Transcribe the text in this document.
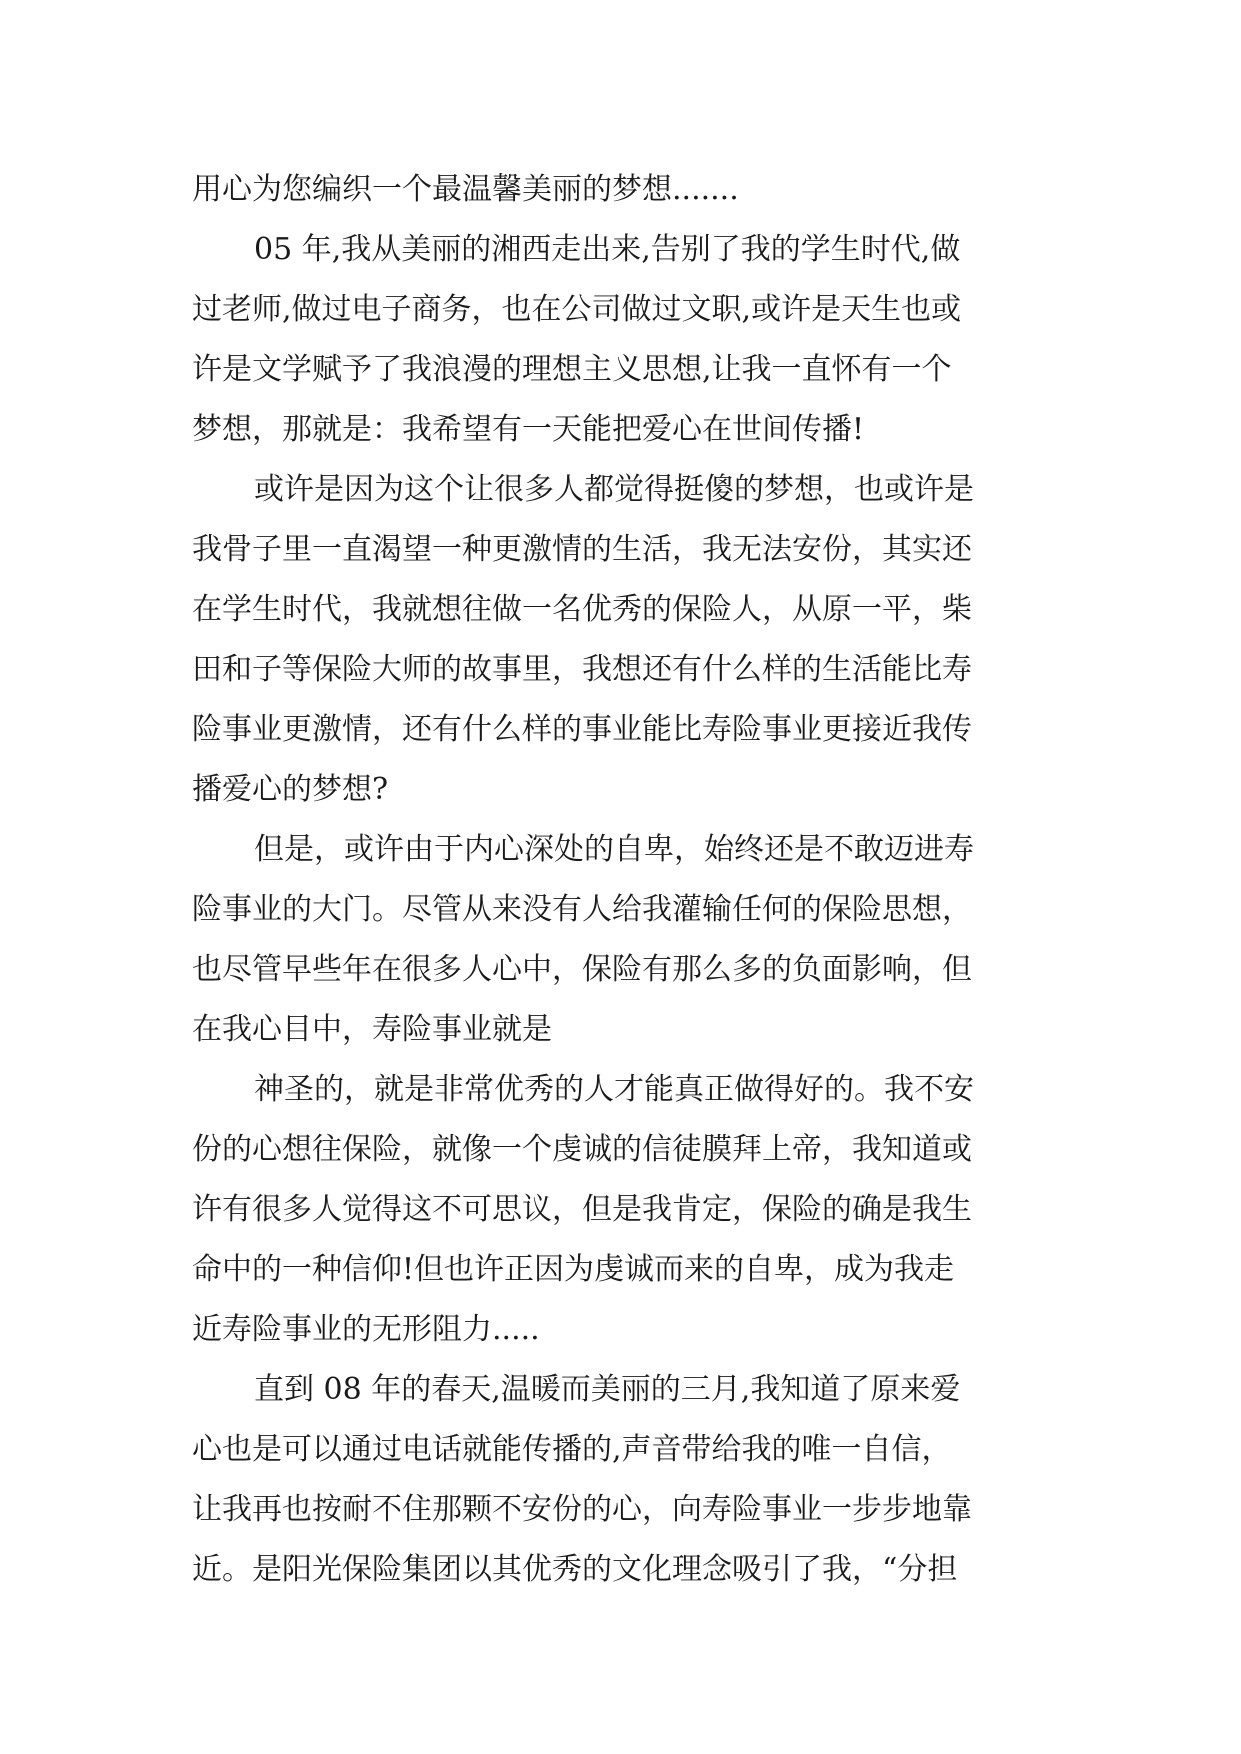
用心为您编织一个最温馨美丽的梦想.......
05 年,我从美丽的湘西走出来,告别了我的学生时代,做
过老师,做过电子商务，也在公司做过文职,或许是天生也或
许是文学赋予了我浪漫的理想主义思想,让我一直怀有一个
梦想，那就是：我希望有一天能把爱心在世间传播!
或许是因为这个让很多人都觉得挺傻的梦想，也或许是
我骨子里一直渴望一种更激情的生活，我无法安份，其实还
在学生时代，我就想往做一名优秀的保险人，从原一平，柴
田和子等保险大师的故事里，我想还有什么样的生活能比寿
险事业更激情，还有什么样的事业能比寿险事业更接近我传
播爱心的梦想?
但是，或许由于内心深处的自卑，始终还是不敢迈进寿
险事业的大门。尽管从来没有人给我灌输任何的保险思想，
也尽管早些年在很多人心中，保险有那么多的负面影响，但
在我心目中，寿险事业就是
神圣的，就是非常优秀的人才能真正做得好的。我不安
份的心想往保险，就像一个虔诚的信徒膜拜上帝，我知道或
许有很多人觉得这不可思议，但是我肯定，保险的确是我生
命中的一种信仰!但也许正因为虔诚而来的自卑，成为我走
近寿险事业的无形阻力.....
直到 08 年的春天,温暖而美丽的三月,我知道了原来爱
心也是可以通过电话就能传播的,声音带给我的唯一自信，
让我再也按耐不住那颗不安份的心，向寿险事业一步步地靠
近。是阳光保险集团以其优秀的文化理念吸引了我，“分担
